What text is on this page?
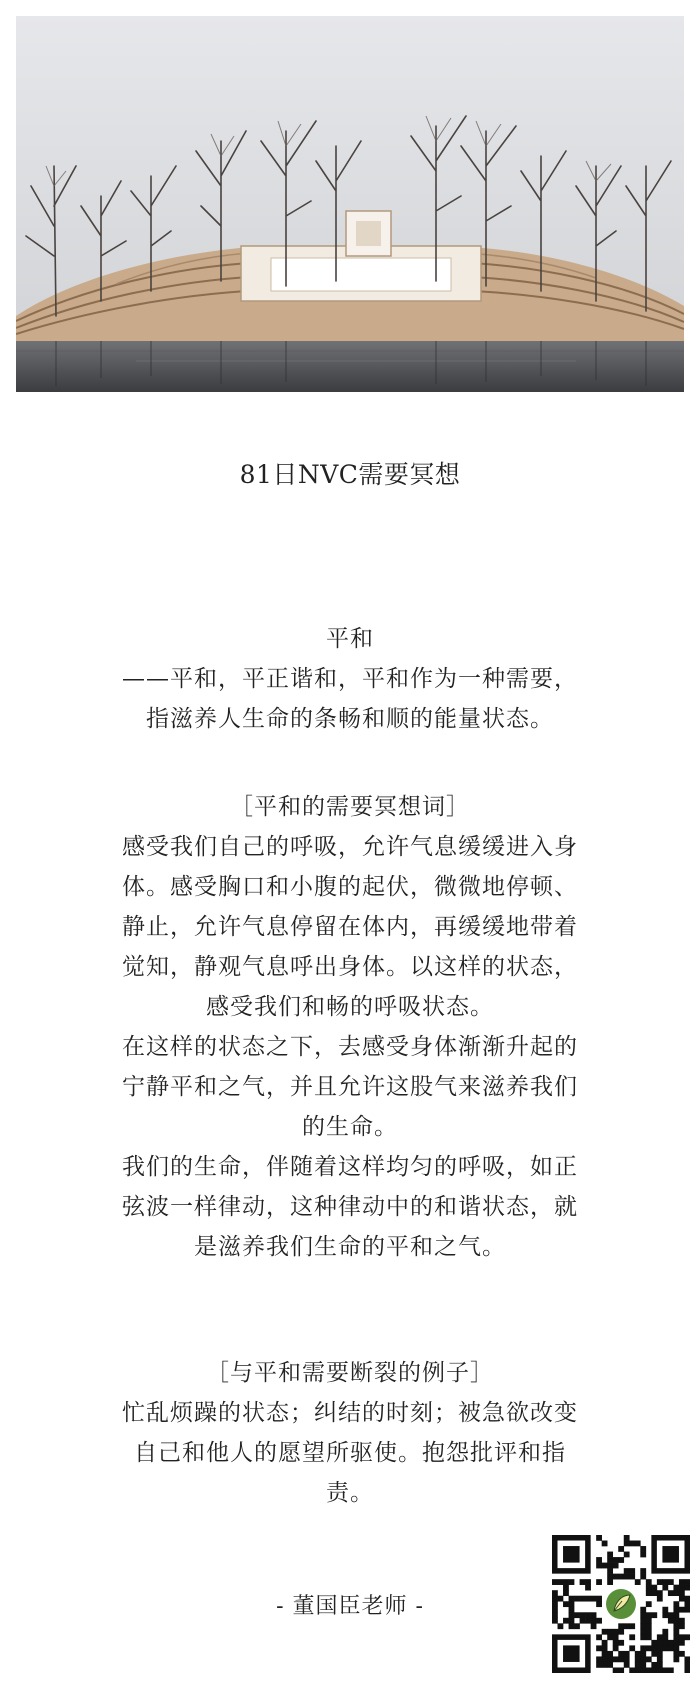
81日NVC需要冥想

平和

——平和，平正谐和，平和作为一种需要，

指滋养人生命的条畅和顺的能量状态。

［平和的需要冥想词］

感受我们自己的呼吸，允许气息缓缓进入身

体。感受胸口和小腹的起伏，微微地停顿、

静止，允许气息停留在体内，再缓缓地带着

觉知，静观气息呼出身体。以这样的状态，

感受我们和畅的呼吸状态。

在这样的状态之下，去感受身体渐渐升起的

宁静平和之气，并且允许这股气来滋养我们

的生命。

我们的生命，伴随着这样均匀的呼吸，如正

弦波一样律动，这种律动中的和谐状态，就

是滋养我们生命的平和之气。

［与平和需要断裂的例子］

忙乱烦躁的状态；纠结的时刻；被急欲改变

自己和他人的愿望所驱使。抱怨批评和指

责。

- 董国臣老师 -
